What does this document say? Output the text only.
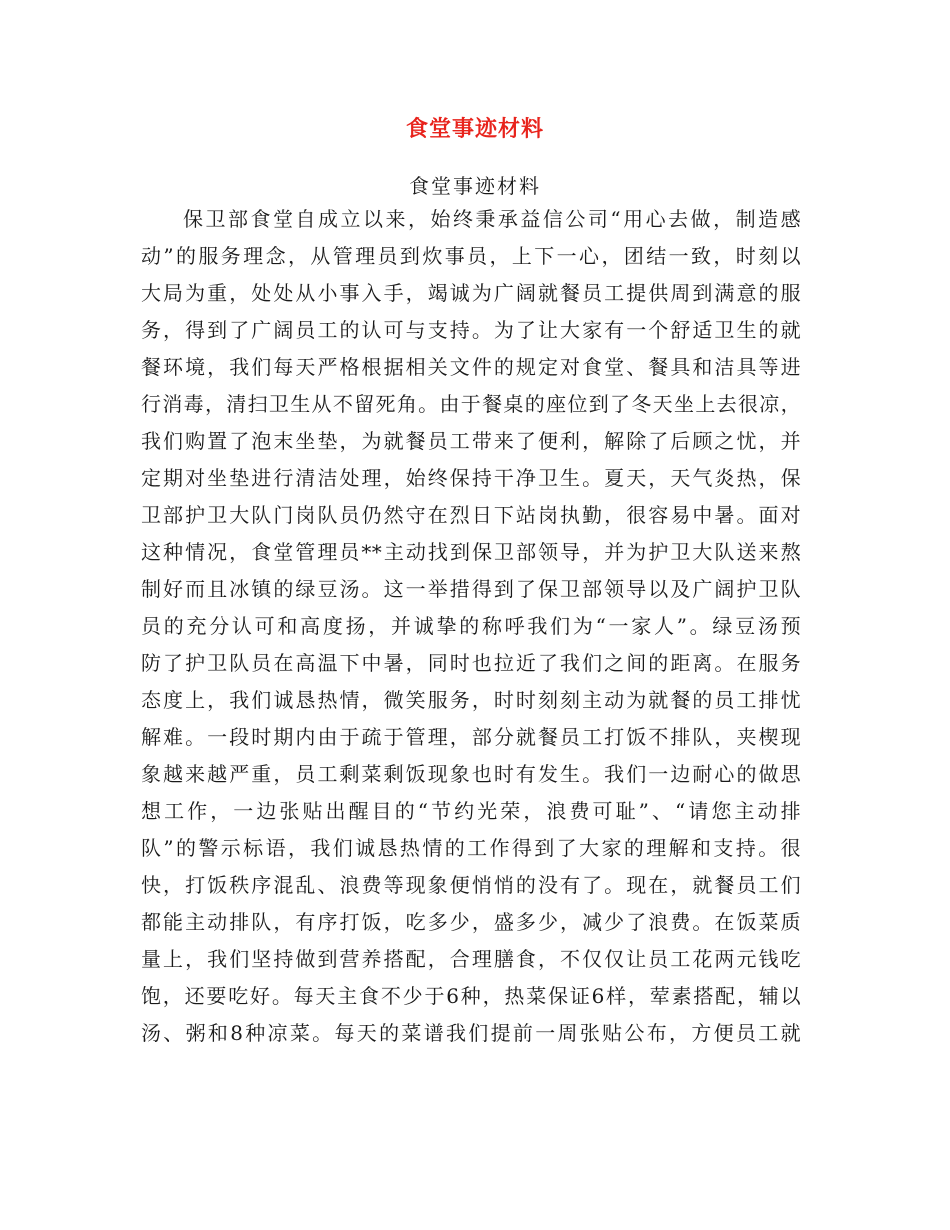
食堂事迹材料
食堂事迹材料
保卫部食堂自成立以来，始终秉承益信公司“用心去做，制造感
动”的服务理念，从管理员到炊事员，上下一心，团结一致，时刻以
大局为重，处处从小事入手，竭诚为广阔就餐员工提供周到满意的服
务，得到了广阔员工的认可与支持。为了让大家有一个舒适卫生的就
餐环境，我们每天严格根据相关文件的规定对食堂、餐具和洁具等进
行消毒，清扫卫生从不留死角。由于餐桌的座位到了冬天坐上去很凉，
我们购置了泡末坐垫，为就餐员工带来了便利，解除了后顾之忧，并
定期对坐垫进行清洁处理，始终保持干净卫生。夏天，天气炎热，保
卫部护卫大队门岗队员仍然守在烈日下站岗执勤，很容易中暑。面对
这种情况，食堂管理员**主动找到保卫部领导，并为护卫大队送来熬
制好而且冰镇的绿豆汤。这一举措得到了保卫部领导以及广阔护卫队
员的充分认可和高度扬，并诚挚的称呼我们为“一家人”。绿豆汤预
防了护卫队员在高温下中暑，同时也拉近了我们之间的距离。在服务
态度上，我们诚恳热情，微笑服务，时时刻刻主动为就餐的员工排忧
解难。一段时期内由于疏于管理，部分就餐员工打饭不排队，夹楔现
象越来越严重，员工剩菜剩饭现象也时有发生。我们一边耐心的做思
想工作，一边张贴出醒目的“节约光荣，浪费可耻”、“请您主动排
队”的警示标语，我们诚恳热情的工作得到了大家的理解和支持。很
快，打饭秩序混乱、浪费等现象便悄悄的没有了。现在，就餐员工们
都能主动排队，有序打饭，吃多少，盛多少，减少了浪费。在饭菜质
量上，我们坚持做到营养搭配，合理膳食，不仅仅让员工花两元钱吃
饱，还要吃好。每天主食不少于6种，热菜保证6样，荤素搭配，辅以
汤、粥和8种凉菜。每天的菜谱我们提前一周张贴公布，方便员工就
